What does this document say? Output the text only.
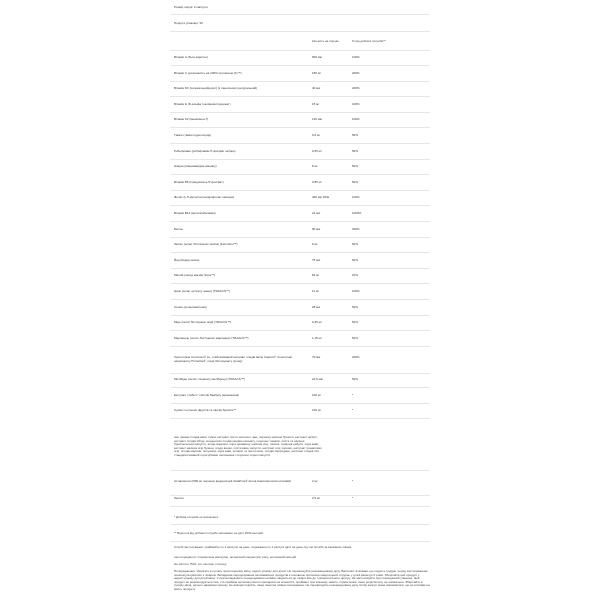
Розмір порції: 2 капсули
Порції в упаковці: 30
Кількість на порцію	% від добової потреби**
Вітамін A (бета-каротин)	900 мкг	100%
Вітамін C (розчинність на 100% протеїном (K)™)	180 мг	200%
Вітамін D3 (холекальциферол) (з ланоліном) (натуральний)	40 мкг	200%
Вітамін E (D-альфа токоферилсукцинат)	15 мг	100%
Вітамін K2 (менахінон-7)	120 мкг	100%
Тіамін (тіамін гідрохлорид)	0,6 мг	50%
Рибофлавін (рибофлавін-5'-фосфат натрію)	0,65 мг	50%
Ніацин (ніацинамідом ніацину)	8 мг	50%
Вітамін B6 (піридоксаль-5'-фосфат)	0,85 мг	50%
Фолат (L-5-метилтетрагідрофолат кальцію)	400 мкг DFE	100%
Вітамін B12 (метилкобаламін)	24 мкг	1000%
Біотин	90 мкг	300%
Залізо (хелат бісгліцинат заліза) (Ferrochel™)	9 мг	50%
Йод (йодид калію)	75 мкг	50%
Магній (оксид магнію Sima™)	84 мг	20%
Цинк (хелат цитрату цинку) (TRAACS™)	11 мг	100%
Селен (селенометіонін)	28 мкг	50%
Мідь (хелат бісгліцинат міді) (TRAACS™)	0,35 мг	50%
Марганець (хелат бісгліцинат марганцю) (TRAACS™)	1,15 мг	50%
Хром (хром Crominex® 3+, стабілізований екстракт плодів амли Capros® та екстракт ширілажиту PrimaVie®, похід бісгліцинату хрому)
70 мкг	200%
Молібден (хелат гліцинату молібдену) (TRAACS™)	22,5 мкг	50%
Екстракт стебел / листків бамбуку (кремнезем)	100 мг	*
Суміш із цільних фруктів та овочів Spectra™	100 мг	*
яка тримає плодів кави, суміш екстракт листя зеленого чаю, порошку насіння броколі, екстракт цибулі, екстракт плодів яблук, концентрат плодів моркви шпинату, порошок томатів, листя та насіння брюссельської капусти, ягоди ацероли, кора цинамону, насіння ягід, часник, червона цибуля, кора кави, екстракт насіння ягід бузини, ягоди вишні, листя кави, капусти, екстракт ягід чорниці, екстракт гранатових ягід, плодів малини, полуниця, кора кави, шпинат та листя кале, плодів смородини, екстракт плодів пілі, стандартизований отригрібники шиповника і порошок чорної капусти
Астаксантин (500 мг порошку водорослей AstaPure® Arona Haematococcus pluvialis)	2 мг	*
Лютеїн	2,5 мг	*
* Добова потреба не визначена.
** Відсоток від добової потреби засновано на дієті 2000 калорій.
Спосіб застосування: приймайте по 2 капсули на день, переважно по 1 капсулі двічі на день під час їжі або за вказівкою лікаря.
Інші інгредієнти: гіпромелоза (капсула), органічний концентрат рису, рослинний кальцій.
Не містить ГМО, сої, молока, глютену.
Попередження: зберігати в сухому прохолодному місці, недоступному для дітей. Не перевищуйте рекомендовану дозу. Вагітним та жінкам, що годують груддю, перед застосуванням проконсультуватися з лікарем. Випадкова передозування залізовмісних продуктів є основною причиною смертельних отруєнь у дітей віком до 6 років. Зберігайте цей продукт у недоступному для дітей місці. У разі випадкового передозування негайно зверніться до лікаря або до токсикологічного центру. Не застосовуйте при пошкодженій упаковці. Цей продукт не рекомендується тим, хто приймає антикоагулянтні препарати на основі K2, приймає і при кожному змініть. Суміш може тонко розділятися, це нормально. Зберігайте в сухому місці, щільно закривши кришку. Не використовуйте, якщо захисна плівка пошкоджена. Не перевищуйте рекомендовану дозу. Колір капсул може змінюватися, що не впливає на якість продукту.
